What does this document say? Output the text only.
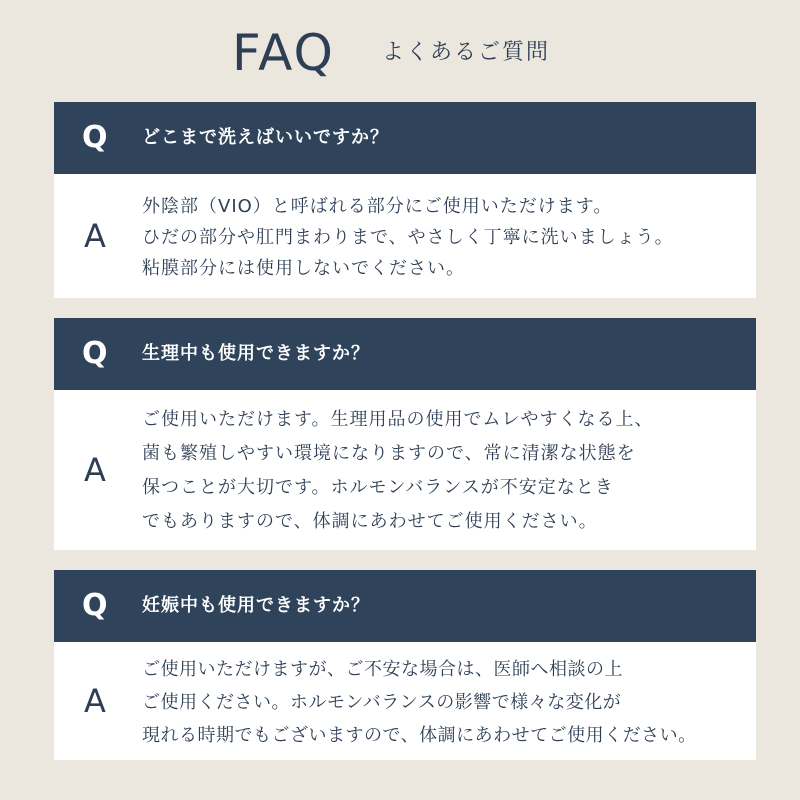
FAQ よくあるご質問
Q どこまで洗えばいいですか？
A
外陰部（VIO）と呼ばれる部分にご使用いただけます。
ひだの部分や肛門まわりまで、やさしく丁寧に洗いましょう。
粘膜部分には使用しないでください。
Q 生理中も使用できますか？
A
ご使用いただけます。生理用品の使用でムレやすくなる上、
菌も繁殖しやすい環境になりますので、常に清潔な状態を
保つことが大切です。ホルモンバランスが不安定なとき
でもありますので、体調にあわせてご使用ください。
Q 妊娠中も使用できますか？
A
ご使用いただけますが、ご不安な場合は、医師へ相談の上
ご使用ください。ホルモンバランスの影響で様々な変化が
現れる時期でもございますので、体調にあわせてご使用ください。
